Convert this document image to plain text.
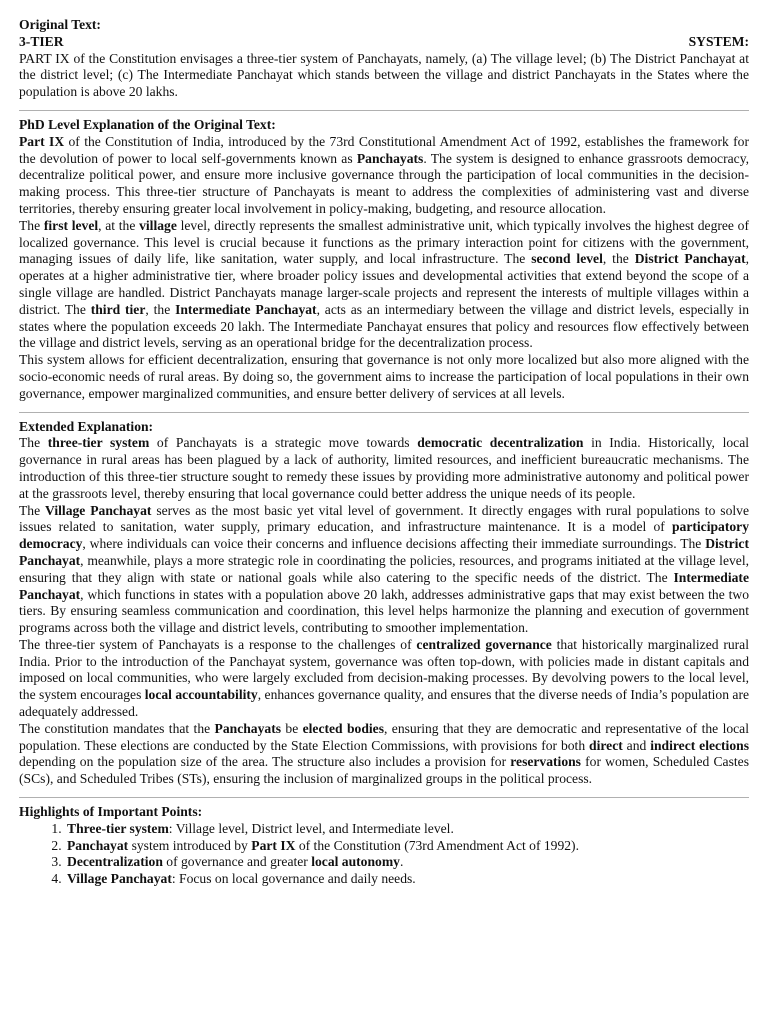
Original Text:
3-TIER	SYSTEM:

PART IX of the Constitution envisages a three-tier system of Panchayats, namely, (a) The village level; (b) The District Panchayat at the district level; (c) The Intermediate Panchayat which stands between the village and district Panchayats in the States where the population is above 20 lakhs.

PhD Level Explanation of the Original Text:

Part IX of the Constitution of India, introduced by the 73rd Constitutional Amendment Act of 1992, establishes the framework for the devolution of power to local self-governments known as Panchayats. The system is designed to enhance grassroots democracy, decentralize political power, and ensure more inclusive governance through the participation of local communities in the decision-making process. This three-tier structure of Panchayats is meant to address the complexities of administering vast and diverse territories, thereby ensuring greater local involvement in policy-making, budgeting, and resource allocation.

The first level, at the village level, directly represents the smallest administrative unit, which typically involves the highest degree of localized governance. This level is crucial because it functions as the primary interaction point for citizens with the government, managing issues of daily life, like sanitation, water supply, and local infrastructure. The second level, the District Panchayat, operates at a higher administrative tier, where broader policy issues and developmental activities that extend beyond the scope of a single village are handled. District Panchayats manage larger-scale projects and represent the interests of multiple villages within a district. The third tier, the Intermediate Panchayat, acts as an intermediary between the village and district levels, especially in states where the population exceeds 20 lakh. The Intermediate Panchayat ensures that policy and resources flow effectively between the village and district levels, serving as an operational bridge for the decentralization process.

This system allows for efficient decentralization, ensuring that governance is not only more localized but also more aligned with the socio-economic needs of rural areas. By doing so, the government aims to increase the participation of local populations in their own governance, empower marginalized communities, and ensure better delivery of services at all levels.

Extended Explanation:

The three-tier system of Panchayats is a strategic move towards democratic decentralization in India. Historically, local governance in rural areas has been plagued by a lack of authority, limited resources, and inefficient bureaucratic mechanisms. The introduction of this three-tier structure sought to remedy these issues by providing more administrative autonomy and political power at the grassroots level, thereby ensuring that local governance could better address the unique needs of its people.

The Village Panchayat serves as the most basic yet vital level of government. It directly engages with rural populations to solve issues related to sanitation, water supply, primary education, and infrastructure maintenance. It is a model of participatory democracy, where individuals can voice their concerns and influence decisions affecting their immediate surroundings. The District Panchayat, meanwhile, plays a more strategic role in coordinating the policies, resources, and programs initiated at the village level, ensuring that they align with state or national goals while also catering to the specific needs of the district. The Intermediate Panchayat, which functions in states with a population above 20 lakh, addresses administrative gaps that may exist between the two tiers. By ensuring seamless communication and coordination, this level helps harmonize the planning and execution of government programs across both the village and district levels, contributing to smoother implementation.

The three-tier system of Panchayats is a response to the challenges of centralized governance that historically marginalized rural India. Prior to the introduction of the Panchayat system, governance was often top-down, with policies made in distant capitals and imposed on local communities, who were largely excluded from decision-making processes. By devolving powers to the local level, the system encourages local accountability, enhances governance quality, and ensures that the diverse needs of India’s population are adequately addressed.

The constitution mandates that the Panchayats be elected bodies, ensuring that they are democratic and representative of the local population. These elections are conducted by the State Election Commissions, with provisions for both direct and indirect elections depending on the population size of the area. The structure also includes a provision for reservations for women, Scheduled Castes (SCs), and Scheduled Tribes (STs), ensuring the inclusion of marginalized groups in the political process.

Highlights of Important Points:
1. Three-tier system: Village level, District level, and Intermediate level.
2. Panchayat system introduced by Part IX of the Constitution (73rd Amendment Act of 1992).
3. Decentralization of governance and greater local autonomy.
4. Village Panchayat: Focus on local governance and daily needs.
